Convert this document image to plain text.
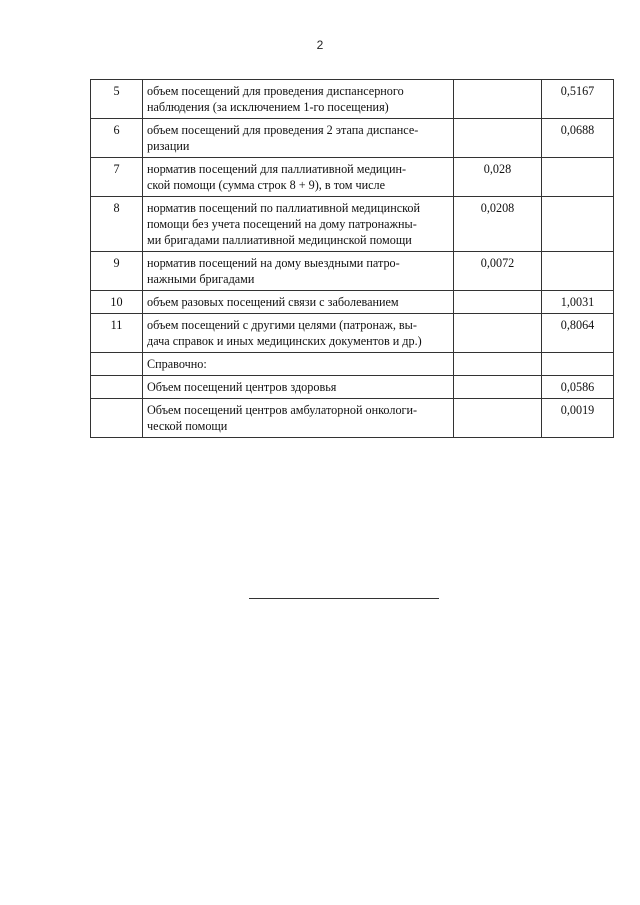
2
5	объем посещений для проведения диспансерного
наблюдения (за исключением 1-го посещения)		0,5167
6	объем посещений для проведения 2 этапа диспансе-
ризации		0,0688
7	норматив посещений для паллиативной медицин-
ской помощи (сумма строк 8 + 9), в том числе	0,028	
8	норматив посещений по паллиативной медицинской
помощи без учета посещений на дому патронажны-
ми бригадами паллиативной медицинской помощи	0,0208	
9	норматив посещений на дому выездными патро-
нажными бригадами	0,0072	
10	объем разовых посещений связи с заболеванием		1,0031
11	объем посещений с другими целями (патронаж, вы-
дача справок и иных медицинских документов и др.)		0,8064

	Справочно:		

	Объем посещений центров здоровья		0,0586

	Объем посещений центров амбулаторной онкологи-
ческой помощи		0,0019
